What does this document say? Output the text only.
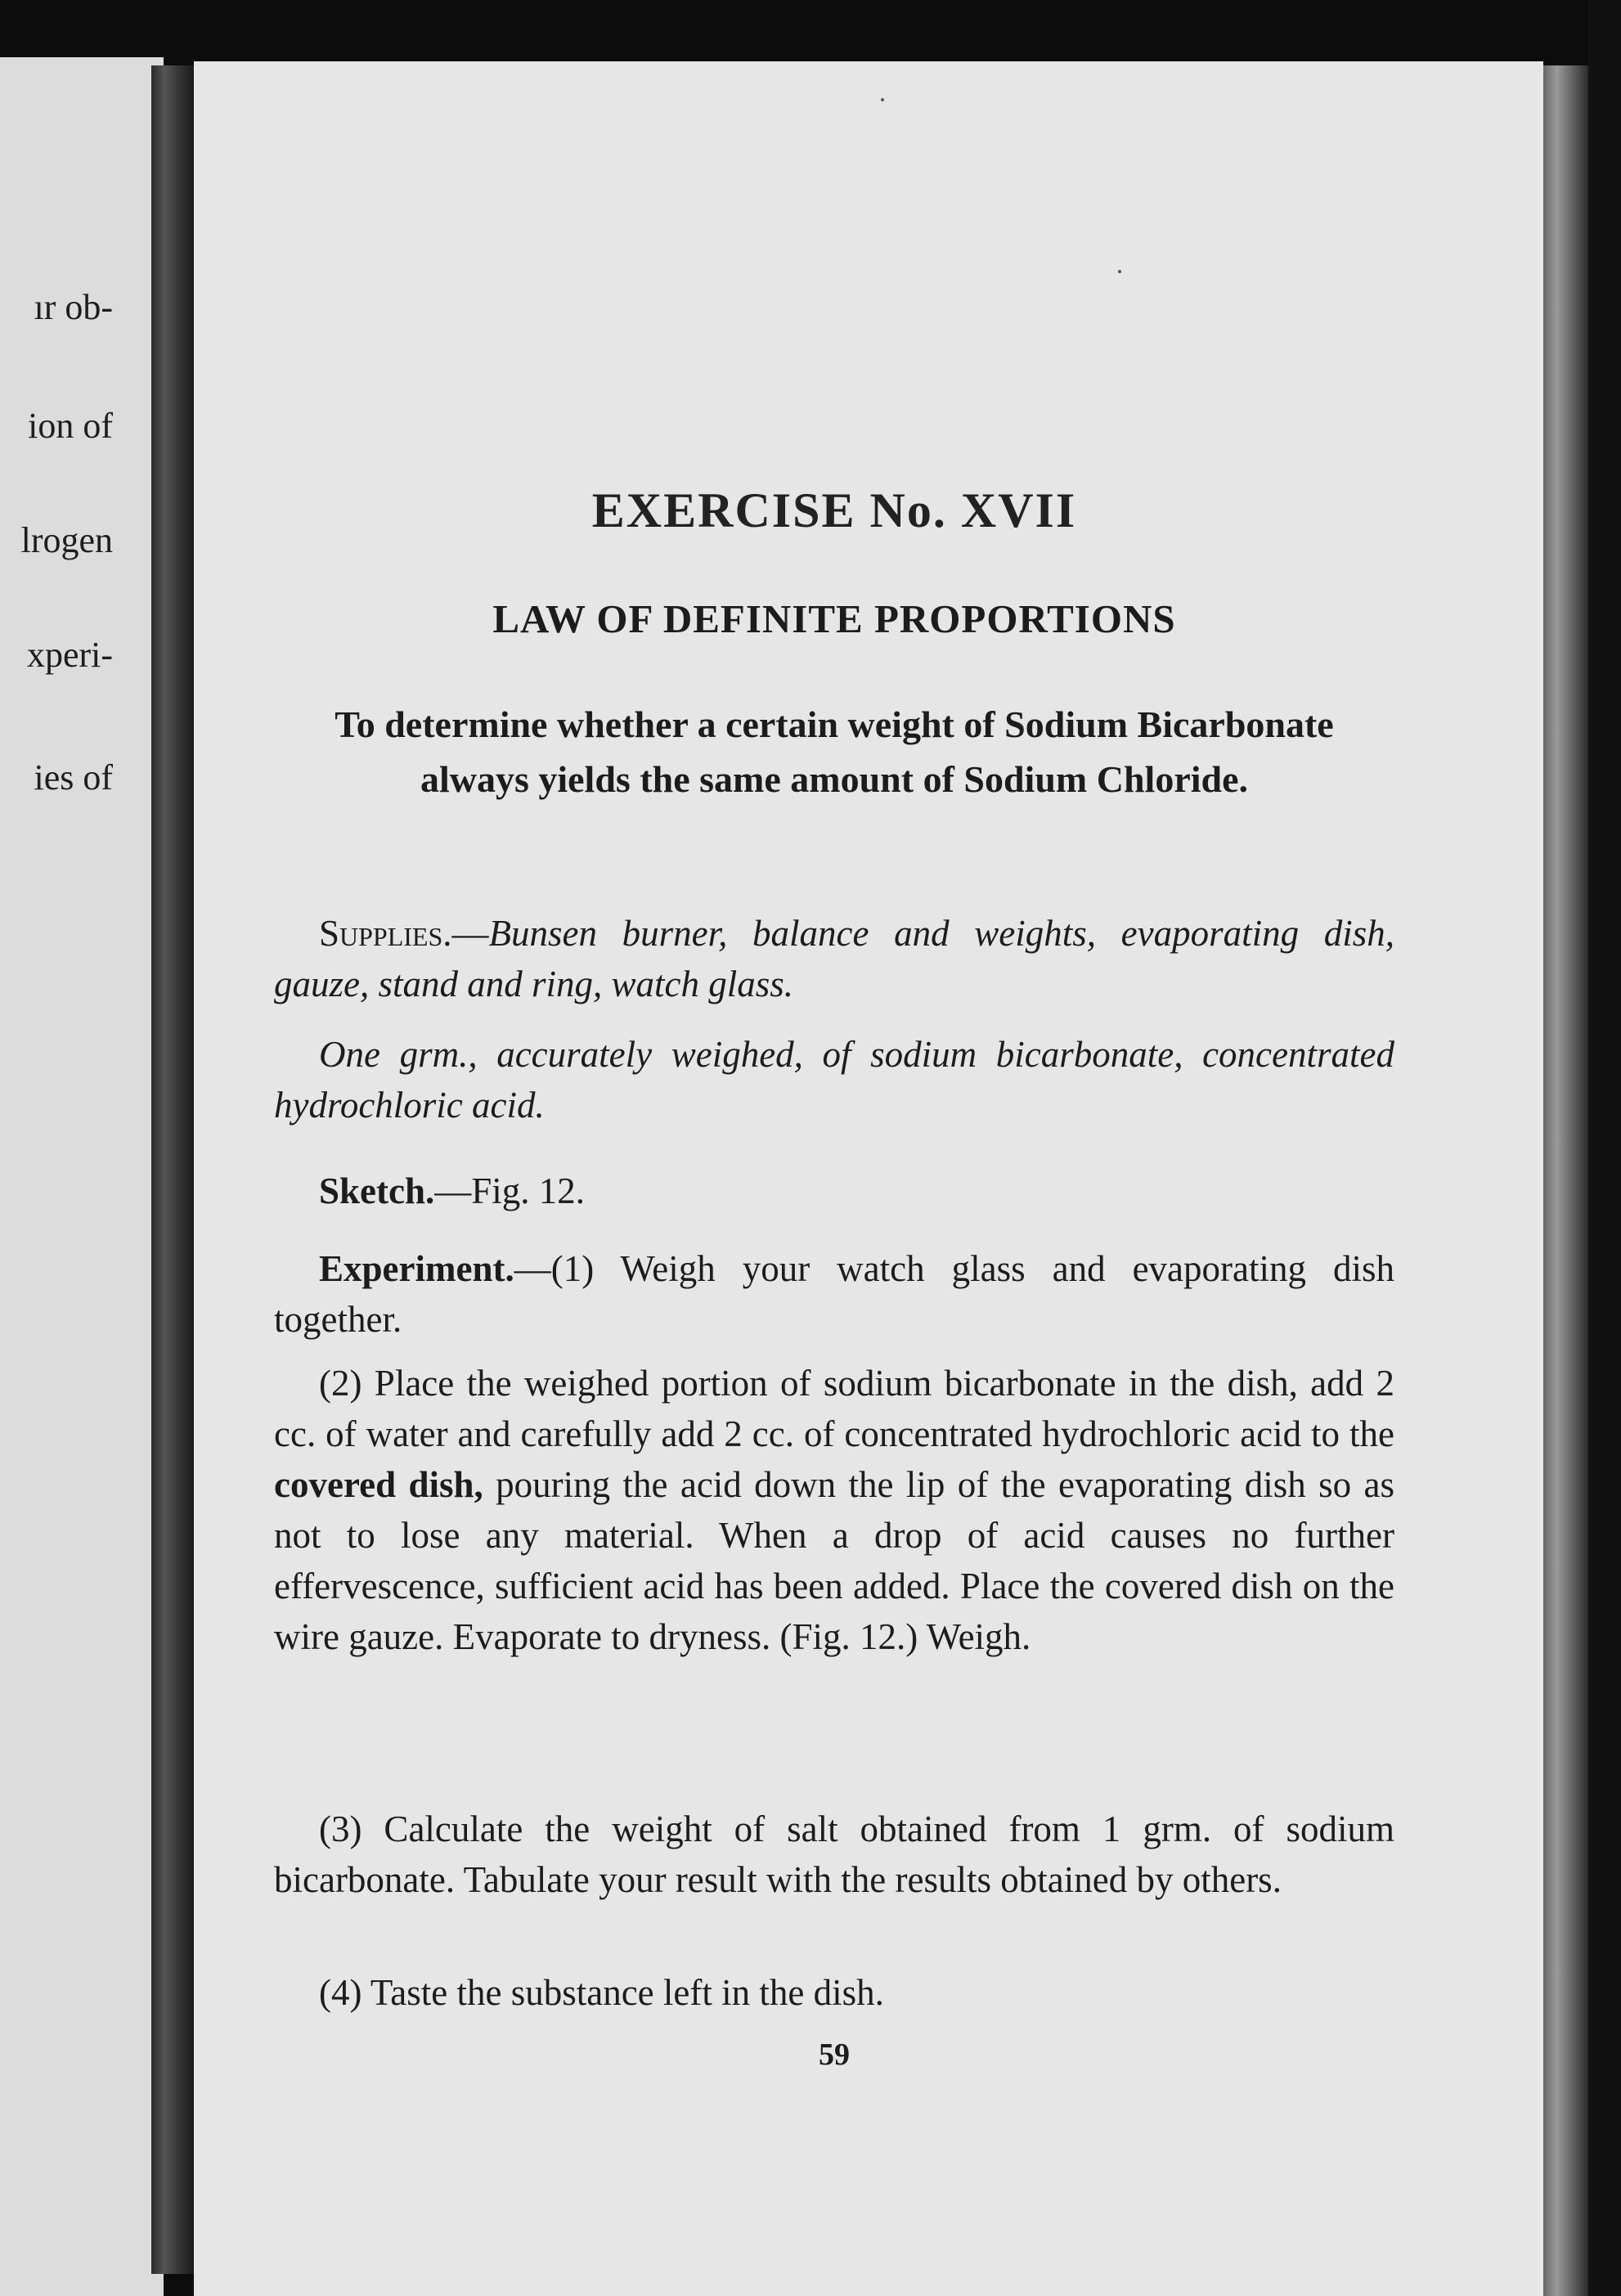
ır ob-
ion of
lrogen
xperi-
ies of
EXERCISE No. XVII
LAW OF DEFINITE PROPORTIONS

To determine whether a certain weight of Sodium Bicarbonate always yields the same amount of Sodium Chloride.

Supplies.—Bunsen burner, balance and weights, evaporating dish, gauze, stand and ring, watch glass.

One grm., accurately weighed, of sodium bicarbonate, concentrated hydrochloric acid.

Sketch.—Fig. 12.

Experiment.—(1) Weigh your watch glass and evaporating dish together.

(2) Place the weighed portion of sodium bicarbonate in the dish, add 2 cc. of water and carefully add 2 cc. of concentrated hydrochloric acid to the covered dish, pouring the acid down the lip of the evaporating dish so as not to lose any material. When a drop of acid causes no further effervescence, sufficient acid has been added. Place the covered dish on the wire gauze. Evaporate to dryness. (Fig. 12.) Weigh.

(3) Calculate the weight of salt obtained from 1 grm. of sodium bicarbonate. Tabulate your result with the results obtained by others.

(4) Taste the substance left in the dish.

59
